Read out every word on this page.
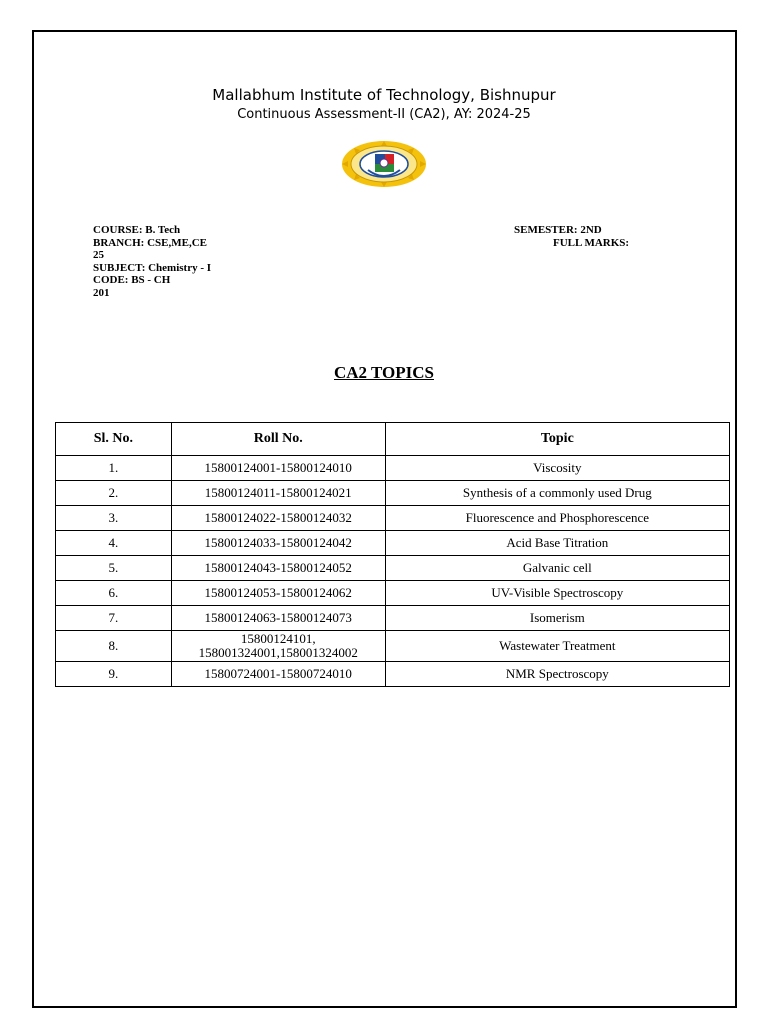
Mallabhum Institute of Technology, Bishnupur
Continuous Assessment-II (CA2), AY: 2024-25
COURSE: B. Tech
BRANCH: CSE,ME,CE
25
SUBJECT: Chemistry - I
CODE: BS - CH
201
SEMESTER: 2ND
FULL MARKS:
CA2 TOPICS
Sl. No.	Roll No.	Topic
1.	15800124001-15800124010	Viscosity
2.	15800124011-15800124021	Synthesis of a commonly used Drug
3.	15800124022-15800124032	Fluorescence and Phosphorescence
4.	15800124033-15800124042	Acid Base Titration
5.	15800124043-15800124052	Galvanic cell
6.	15800124053-15800124062	UV-Visible Spectroscopy
7.	15800124063-15800124073	Isomerism
8.	15800124101,
158001324001,158001324002	Wastewater Treatment
9.	15800724001-15800724010	NMR Spectroscopy
